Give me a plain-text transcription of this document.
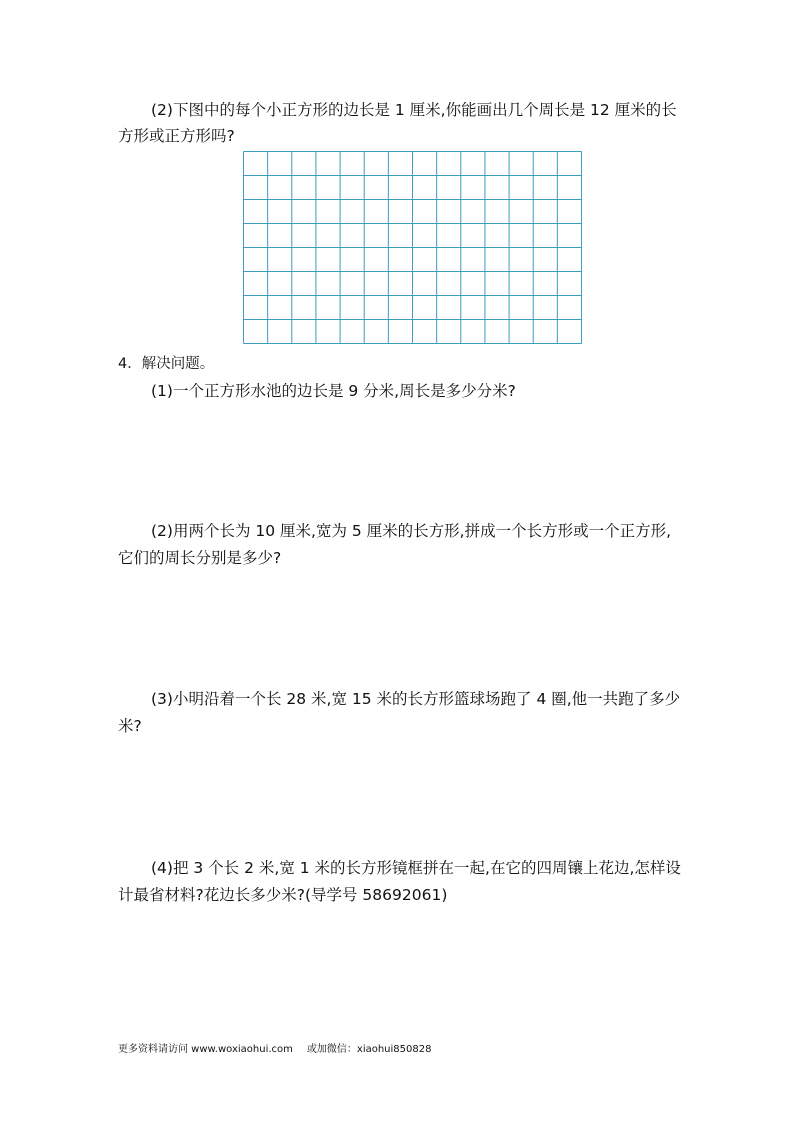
(2)下图中的每个小正方形的边长是 1 厘米,你能画出几个周长是 12 厘米的长
方形或正方形吗?
4．解决问题。
(1)一个正方形水池的边长是 9 分米,周长是多少分米?
(2)用两个长为 10 厘米,宽为 5 厘米的长方形,拼成一个长方形或一个正方形,
它们的周长分别是多少?
(3)小明沿着一个长 28 米,宽 15 米的长方形篮球场跑了 4 圈,他一共跑了多少
米?
(4)把 3 个长 2 米,宽 1 米的长方形镜框拼在一起,在它的四周镶上花边,怎样设
计最省材料?花边长多少米?(导学号 58692061)
更多资料请访问 www.woxiaohui.com 或加微信：xiaohui850828
